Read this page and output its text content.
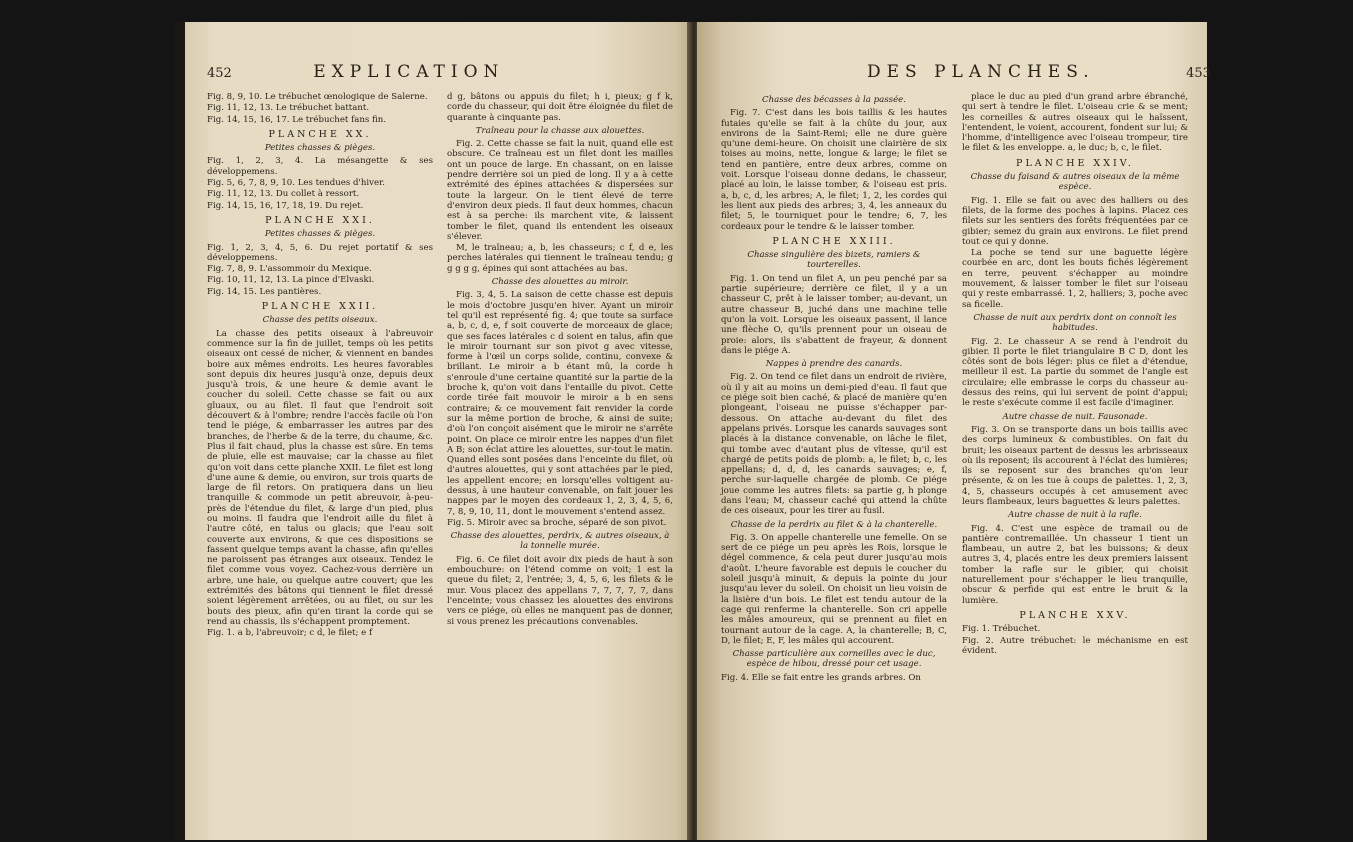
452	EXPLICATION

Fig. 8, 9, 10. Le trébuchet œnologique de Salerne.

Fig. 11, 12, 13. Le trébuchet battant.

Fig. 14, 15, 16, 17. Le trébuchet fans fin.

PLANCHE XX.

Petites chasses & pièges.

Fig. 1, 2, 3, 4. La mésangette & ses développemens.

Fig. 5, 6, 7, 8, 9, 10. Les tendues d'hiver.

Fig. 11, 12, 13. Du collet à ressort.

Fig. 14, 15, 16, 17, 18, 19. Du rejet.

PLANCHE XXI.

Petites chasses & pièges.

Fig. 1, 2, 3, 4, 5, 6. Du rejet portatif & ses développemens.

Fig. 7, 8, 9. L'assommoir du Mexique.

Fig. 10, 11, 12, 13. La pince d'Elvaski.

Fig. 14, 15. Les pantières.

PLANCHE XXII.

Chasse des petits oiseaux.

La chasse des petits oiseaux à l'abreuvoir commence sur la fin de juillet, temps où les petits oiseaux ont cessé de nicher, & viennent en bandes boire aux mêmes endroits. Les heures favorables sont depuis dix heures jusqu'à onze, depuis deux jusqu'à trois, & une heure & demie avant le coucher du soleil. Cette chasse se fait ou aux gluaux, ou au filet. Il faut que l'endroit soit découvert & à l'ombre; rendre l'accès facile où l'on tend le piége, & embarrasser les autres par des branches, de l'herbe & de la terre, du chaume, &c. Plus il fait chaud, plus la chasse est sûre. En tems de pluie, elle est mauvaise; car la chasse au filet qu'on voit dans cette planche XXII. Le filet est long d'une aune & demie, ou environ, sur trois quarts de large de fil retors. On pratiquera dans un lieu tranquille & commode un petit abreuvoir, à-peu-près de l'étendue du filet, & large d'un pied, plus ou moins. Il faudra que l'endroit aille du filet à l'autre côté, en talus ou glacis; que l'eau soit couverte aux environs, & que ces dispositions se fassent quelque temps avant la chasse, afin qu'elles ne paroissent pas étranges aux oiseaux. Tendez le filet comme vous voyez. Cachez-vous derrière un arbre, une haie, ou quelque autre couvert; que les extrémités des bâtons qui tiennent le filet dressé soient légèrement arrêtées, ou au filet, ou sur les bouts des pieux, afin qu'en tirant la corde qui se rend au chassis, ils s'échappent promptement.

Fig. 1. a b, l'abreuvoir; c d, le filet; e f

d g, bâtons ou appuis du filet; h i, pieux; g f k, corde du chasseur, qui doit être éloignée du filet de quarante à cinquante pas.

Traîneau pour la chasse aux alouettes.

Fig. 2. Cette chasse se fait la nuit, quand elle est obscure. Ce traîneau est un filet dont les mailles ont un pouce de large. En chassant, on en laisse pendre derrière soi un pied de long. Il y a à cette extrémité des épines attachées & dispersées sur toute la largeur. On le tient élevé de terre d'environ deux pieds. Il faut deux hommes, chacun est à sa perche: ils marchent vite, & laissent tomber le filet, quand ils entendent les oiseaux s'élever.

M, le traîneau; a, b, les chasseurs; c f, d e, les perches latérales qui tiennent le traîneau tendu; g g g g g, épines qui sont attachées au bas.

Chasse des alouettes au miroir.

Fig. 3, 4, 5. La saison de cette chasse est depuis le mois d'octobre jusqu'en hiver. Ayant un miroir tel qu'il est représenté fig. 4; que toute sa surface a, b, c, d, e, f soit couverte de morceaux de glace; que ses faces latérales c d soient en talus, afin que le miroir tournant sur son pivot g avec vitesse, forme à l'œil un corps solide, continu, convexe & brillant. Le miroir a b étant mû, la corde h s'enroule d'une certaine quantité sur la partie de la broche k, qu'on voit dans l'entaille du pivot. Cette corde tirée fait mouvoir le miroir a b en sens contraire; & ce mouvement fait renvider la corde sur la même portion de broche, & ainsi de suite; d'où l'on conçoit aisément que le miroir ne s'arrête point. On place ce miroir entre les nappes d'un filet A B; son éclat attire les alouettes, sur-tout le matin. Quand elles sont posées dans l'enceinte du filet, où d'autres alouettes, qui y sont attachées par le pied, les appellent encore; en lorsqu'elles voltigent au-dessus, à une hauteur convenable, on fait jouer les nappes par le moyen des cordeaux 1, 2, 3, 4, 5, 6, 7, 8, 9, 10, 11, dont le mouvement s'entend assez.

Fig. 5. Miroir avec sa broche, séparé de son pivot.

Chasse des alouettes, perdrix, & autres oiseaux, à la tonnelle murée.

Fig. 6. Ce filet doit avoir dix pieds de haut à son embouchure: on l'étend comme on voit; 1 est la queue du filet; 2, l'entrée; 3, 4, 5, 6, les filets & le mur. Vous placez des appellans 7, 7, 7, 7, 7, dans l'enceinte; vous chassez les alouettes des environs vers ce piége, où elles ne manquent pas de donner, si vous prenez les précautions convenables.

DES PLANCHES.	453

Chasse des bécasses à la passée.

Fig. 7. C'est dans les bois taillis & les hautes futaies qu'elle se fait à la chûte du jour, aux environs de la Saint-Remi; elle ne dure guère qu'une demi-heure. On choisit une clairière de six toises au moins, nette, longue & large; le filet se tend en pantière, entre deux arbres, comme on voit. Lorsque l'oiseau donne dedans, le chasseur, placé au loin, le laisse tomber, & l'oiseau est pris. a, b, c, d, les arbres; A, le filet; 1, 2, les cordes qui les lient aux pieds des arbres; 3, 4, les anneaux du filet; 5, le tourniquet pour le tendre; 6, 7, les cordeaux pour le tendre & le laisser tomber.

PLANCHE XXIII.

Chasse singulière des bizets, ramiers & tourterelles.

Fig. 1. On tend un filet A, un peu penché par sa partie supérieure; derrière ce filet, il y a un chasseur C, prêt à le laisser tomber; au-devant, un autre chasseur B, juché dans une machine telle qu'on la voit. Lorsque les oiseaux passent, il lance une flèche O, qu'ils prennent pour un oiseau de proie: alors, ils s'abattent de frayeur, & donnent dans le piége A.

Nappes à prendre des canards.

Fig. 2. On tend ce filet dans un endroit de rivière, où il y ait au moins un demi-pied d'eau. Il faut que ce piége soit bien caché, & placé de manière qu'en plongeant, l'oiseau ne puisse s'échapper par-dessous. On attache au-devant du filet des appelans privés. Lorsque les canards sauvages sont placés à la distance convenable, on lâche le filet, qui tombe avec d'autant plus de vîtesse, qu'il est chargé de petits poids de plomb: a, le filet; b, c, les appellans; d, d, d, les canards sauvages; e, f, perche sur-laquelle chargée de plomb. Ce piége joue comme les autres filets: sa partie g, h plonge dans l'eau; M, chasseur caché qui attend la chûte de ces oiseaux, pour les tirer au fusil.

Chasse de la perdrix au filet & à la chanterelle.

Fig. 3. On appelle chanterelle une femelle. On se sert de ce piége un peu après les Rois, lorsque le dégel commence, & cela peut durer jusqu'au mois d'août. L'heure favorable est depuis le coucher du soleil jusqu'à minuit, & depuis la pointe du jour jusqu'au lever du soleil. On choisit un lieu voisin de la lisière d'un bois. Le filet est tendu autour de la cage qui renferme la chanterelle. Son cri appelle les mâles amoureux, qui se prennent au filet en tournant autour de la cage. A, la chanterelle; B, C, D, le filet; E, F, les mâles qui accourent.

Chasse particulière aux corneilles avec le duc, espèce de hibou, dressé pour cet usage.

Fig. 4. Elle se fait entre les grands arbres. On

place le duc au pied d'un grand arbre ébranché, qui sert à tendre le filet. L'oiseau crie & se ment; les corneilles & autres oiseaux qui le haïssent, l'entendent, le voient, accourent, fondent sur lui; & l'homme, d'intelligence avec l'oiseau trompeur, tire le filet & les enveloppe. a, le duc; b, c, le filet.

PLANCHE XXIV.

Chasse du faisand & autres oiseaux de la même espèce.

Fig. 1. Elle se fait ou avec des halliers ou des filets, de la forme des poches à lapins. Placez ces filets sur les sentiers des forêts fréquentées par ce gibier; semez du grain aux environs. Le filet prend tout ce qui y donne.

La poche se tend sur une baguette légère courbée en arc, dont les bouts fichés légèrement en terre, peuvent s'échapper au moindre mouvement, & laisser tomber le filet sur l'oiseau qui y reste embarrassé. 1, 2, halliers; 3, poche avec sa ficelle.

Chasse de nuit aux perdrix dont on connoît les habitudes.

Fig. 2. Le chasseur A se rend à l'endroit du gibier. Il porte le filet triangulaire B C D, dont les côtés sont de bois léger: plus ce filet a d'étendue, meilleur il est. La partie du sommet de l'angle est circulaire; elle embrasse le corps du chasseur au-dessus des reins, qui lui servent de point d'appui; le reste s'exécute comme il est facile d'imaginer.

Autre chasse de nuit. Fausonade.

Fig. 3. On se transporte dans un bois taillis avec des corps lumineux & combustibles. On fait du bruit; les oiseaux partent de dessus les arbrisseaux où ils reposent; ils accourent à l'éclat des lumières; ils se reposent sur des branches qu'on leur présente, & on les tue à coups de palettes. 1, 2, 3, 4, 5, chasseurs occupés à cet amusement avec leurs flambeaux, leurs baguettes & leurs palettes.

Autre chasse de nuit à la rafle.

Fig. 4. C'est une espèce de tramail ou de pantière contremaillée. Un chasseur 1 tient un flambeau, un autre 2, bat les buissons; & deux autres 3, 4, placés entre les deux premiers laissent tomber la rafle sur le gibier, qui choisit naturellement pour s'échapper le lieu tranquille, obscur & perfide qui est entre le bruit & la lumière.

PLANCHE XXV.

Fig. 1. Trébuchet.

Fig. 2. Autre trébuchet: le méchanisme en est évident.
